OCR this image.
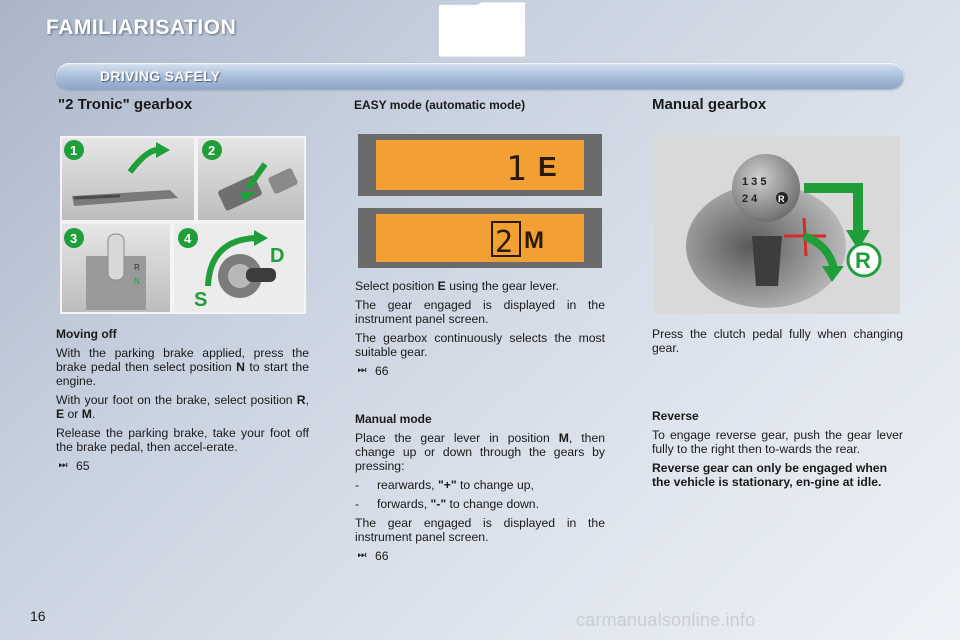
FAMILIARISATION
DRIVING SAFELY
"2 Tronic" gearbox
R
N
D
S
1	2
3	4

Moving off

With the parking brake applied, press the brake pedal then select position N to start the engine.

With your foot on the brake, select position R, E or M.

Release the parking brake, take your foot off the brake pedal, then accel-erate.

⏭ 65

EASY mode (automatic mode)

1 E
2 M

Select position E using the gear lever.

The gear engaged is displayed in the instrument panel screen.

The gearbox continuously selects the most suitable gear.

⏭ 66

Manual mode

Place the gear lever in position M, then change up or down through the gears by pressing:

-	rearwards, "+" to change up,
-	forwards, "-" to change down.

The gear engaged is displayed in the instrument panel screen.

⏭ 66

Manual gearbox

1 3 5
2 4 R
R

Press the clutch pedal fully when changing gear.

Reverse

To engage reverse gear, push the gear lever fully to the right then to-wards the rear.

Reverse gear can only be engaged when the vehicle is stationary, en-gine at idle.

16	carmanualsonline.info
